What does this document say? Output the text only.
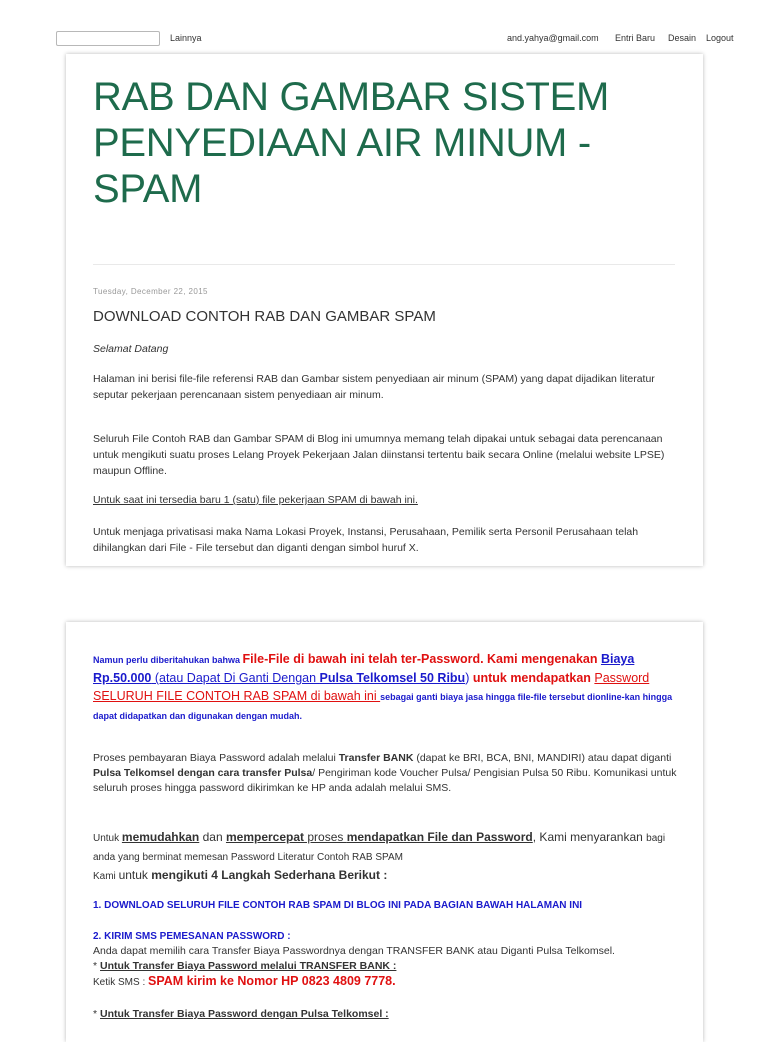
Lainnya	and.yahya@gmail.com Entri Baru Desain Logout
RAB DAN GAMBAR SISTEM PENYEDIAAN AIR MINUM - SPAM
Tuesday, December 22, 2015
DOWNLOAD CONTOH RAB DAN GAMBAR SPAM
Selamat Datang
Halaman ini berisi file-file referensi RAB dan Gambar sistem penyediaan air minum (SPAM) yang dapat dijadikan literatur seputar pekerjaan perencanaan sistem penyediaan air minum.
Seluruh File Contoh RAB dan Gambar SPAM di Blog ini umumnya memang telah dipakai untuk sebagai data perencanaan untuk mengikuti suatu proses Lelang Proyek Pekerjaan Jalan diinstansi tertentu baik secara Online (melalui website LPSE) maupun Offline.
Untuk saat ini tersedia baru 1 (satu) file pekerjaan SPAM di bawah ini.
Untuk menjaga privatisasi maka Nama Lokasi Proyek, Instansi, Perusahaan, Pemilik serta Personil Perusahaan telah dihilangkan dari File - File tersebut dan diganti dengan simbol huruf X.
Namun perlu diberitahukan bahwa File-File di bawah ini telah ter-Password. Kami mengenakan Biaya Rp.50.000 (atau Dapat Di Ganti Dengan Pulsa Telkomsel 50 Ribu) untuk mendapatkan Password SELURUH FILE CONTOH RAB SPAM di bawah ini sebagai ganti biaya jasa hingga file-file tersebut dionline-kan hingga dapat didapatkan dan digunakan dengan mudah.
Proses pembayaran Biaya Password adalah melalui Transfer BANK (dapat ke BRI, BCA, BNI, MANDIRI) atau dapat diganti Pulsa Telkomsel dengan cara transfer Pulsa/ Pengiriman kode Voucher Pulsa/ Pengisian Pulsa 50 Ribu. Komunikasi untuk seluruh proses hingga password dikirimkan ke HP anda adalah melalui SMS.
Untuk memudahkan dan mempercepat proses mendapatkan File dan Password, Kami menyarankan bagi anda yang berminat memesan Password Literatur Contoh RAB SPAM
Kami untuk mengikuti 4 Langkah Sederhana Berikut :
1. DOWNLOAD SELURUH FILE CONTOH RAB SPAM DI BLOG INI PADA BAGIAN BAWAH HALAMAN INI
2. KIRIM SMS PEMESANAN PASSWORD :
Anda dapat memilih cara Transfer Biaya Passwordnya dengan TRANSFER BANK atau Diganti Pulsa Telkomsel.
* Untuk Transfer Biaya Password melalui TRANSFER BANK :
Ketik SMS : SPAM kirim ke Nomor HP 0823 4809 7778.
* Untuk Transfer Biaya Password dengan Pulsa Telkomsel :
